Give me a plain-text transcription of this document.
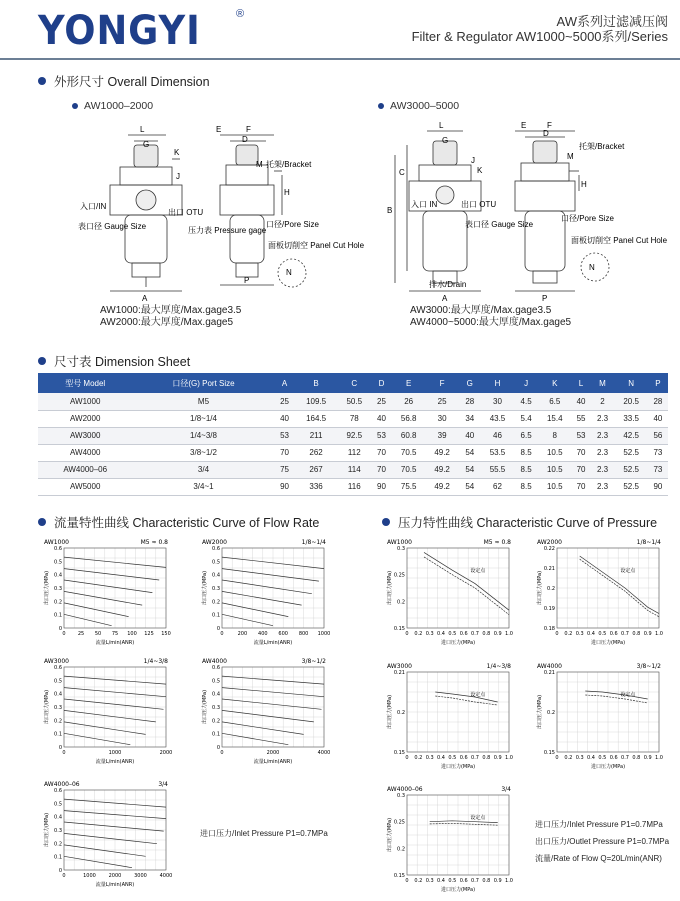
YONGYI	®	AW系列过滤减压阀
Filter & Regulator AW1000~5000系列/Series
外形尺寸 Overall Dimension
AW1000–2000	AW3000–5000
L
G
K
J
E	F
D
M 托架/Bracket
H
入口/IN
出口 OTU
表口径 Gauge Size	压力表 Pressure gage
口径/Pore Size
面板切削空 Panel Cut Hole
N
A
P
AW1000:最大厚度/Max.gage3.5
AW2000:最大厚度/Max.gage5
L
G
J
K
E	F
D
M
托架/Bracket
H
C
B
入口 IN	出口 OTU
表口径 Gauge Size
口径/Pore Size
面板切削空 Panel Cut Hole
N
排水/Drain
A	P
AW3000:最大厚度/Max.gage3.5
AW4000~5000:最大厚度/Max.gage5
尺寸表 Dimension Sheet
型号 Model	口径(G) Port Size	A	B	C	D	E	F	G	H	J	K	L	M	N	P
AW1000	M5	25	109.5	50.5	25	26	25	28	30	4.5	6.5	40	2	20.5	28
AW2000	1/8~1/4	40	164.5	78	40	56.8	30	34	43.5	5.4	15.4	55	2.3	33.5	40
AW3000	1/4~3/8	53	211	92.5	53	60.8	39	40	46	6.5	8	53	2.3	42.5	56
AW4000	3/8~1/2	70	262	112	70	70.5	49.2	54	53.5	8.5	10.5	70	2.3	52.5	73
AW4000–06	3/4	75	267	114	70	70.5	49.2	54	55.5	8.5	10.5	70	2.3	52.5	73
AW5000	3/4~1	90	336	116	90	75.5	49.2	54	62	8.5	10.5	70	2.3	52.5	90
流量特性曲线 Characteristic Curve of Flow Rate	压力特性曲线 Characteristic Curve of Pressure
AW1000	M5 ≈ 0.8
0 25 50 75 100 125 150
0
0.1
0.2
0.3
0.4
0.5
0.6
流量L/min(ANR)
出口压力(MPa)
AW2000	1/8~1/4
0	200 400 600 800 1000
0
0.1
0.2
0.3
0.4
0.5
0.6
流量L/min(ANR)
出口压力(MPa)
AW3000	1/4~3/8
0	1000	2000
0
0.1
0.2
0.3
0.4
0.5
0.6
流量L/min(ANR)
出口压力(MPa)
AW4000	3/8~1/2
0	2000	4000
0
0.1
0.2
0.3
0.4
0.5
0.6
流量L/min(ANR)
出口压力(MPa)
AW4000–06	3/4
0	1000	2000	3000	4000
0
0.1
0.2
0.3
0.4
0.5
0.6
流量L/min(ANR)
出口压力(MPa)
AW1000	M5 ≈ 0.8
0 0.2 0.3 0.4 0.5 0.6 0.7 0.8 0.9 1.0
0.15
0.2
0.25
0.3
进口压力(MPa)
出口压力(MPa)	设定点
AW2000	1/8~1/4
0 0.2 0.3 0.4 0.5 0.6 0.7 0.8 0.9 1.0
0.18
0.19
0.2
0.21
0.22
进口压力(MPa)
出口压力(MPa)	设定点
AW3000	1/4~3/8
0 0.2 0.3 0.4 0.5 0.6 0.7 0.8 0.9 1.0
0.15
0.2
0.21
进口压力(MPa)
出口压力(MPa)	设定点
AW4000	3/8~1/2
0 0.2 0.3 0.4 0.5 0.6 0.7 0.8 0.9 1.0
0.15
0.2
0.21
进口压力(MPa)
出口压力(MPa)	设定点
AW4000–06	3/4
0 0.2 0.3 0.4 0.5 0.6 0.7 0.8 0.9 1.0
0.15
0.2
0.25
0.3
进口压力(MPa)
出口压力(MPa)	设定点
进口压力/Inlet Pressure P1=0.7MPa
进口压力/Inlet Pressure P1=0.7MPa
出口压力/Outlet Pressure P1=0.7MPa
流量/Rate of Flow Q=20L/min(ANR)
